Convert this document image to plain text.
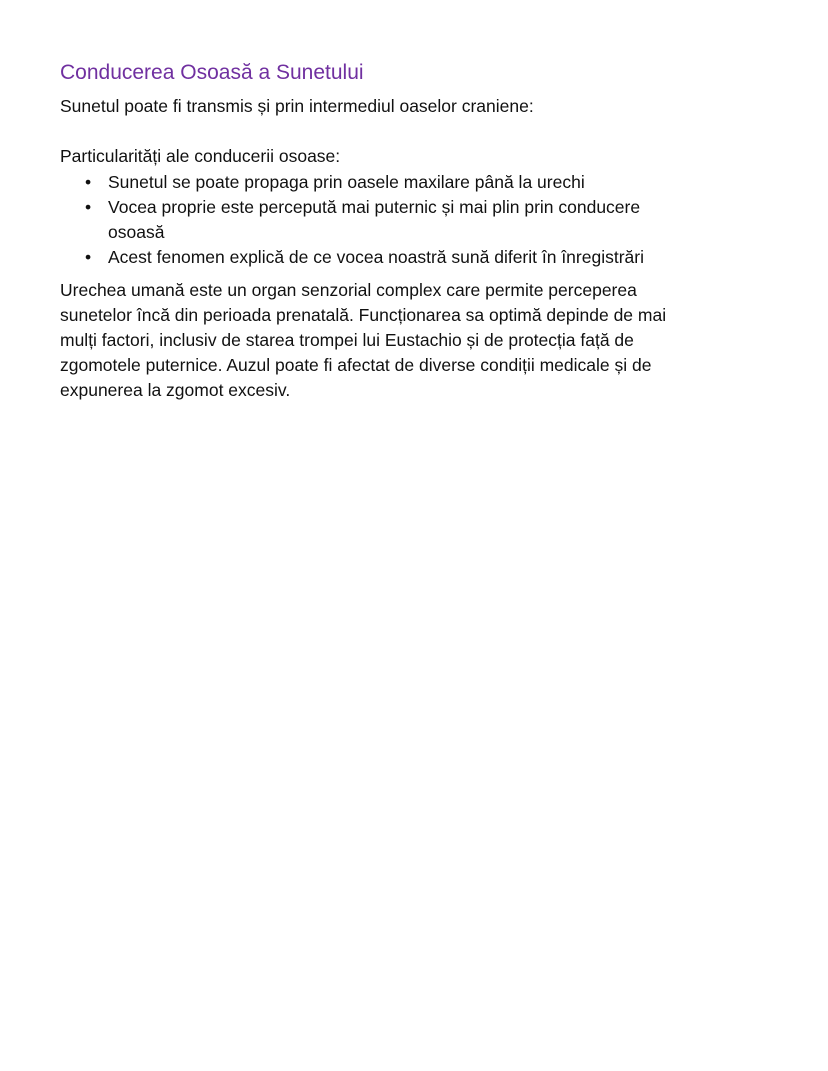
Conducerea Osoasă a Sunetului

Sunetul poate fi transmis și prin intermediul oaselor craniene:

Particularități ale conducerii osoase:

• Sunetul se poate propaga prin oasele maxilare până la urechi
• Vocea proprie este percepută mai puternic și mai plin prin conducere
osoasă
• Acest fenomen explică de ce vocea noastră sună diferit în înregistrări

Urechea umană este un organ senzorial complex care permite perceperea
sunetelor încă din perioada prenatală. Funcționarea sa optimă depinde de mai
mulți factori, inclusiv de starea trompei lui Eustachio și de protecția față de
zgomotele puternice. Auzul poate fi afectat de diverse condiții medicale și de
expunerea la zgomot excesiv.
